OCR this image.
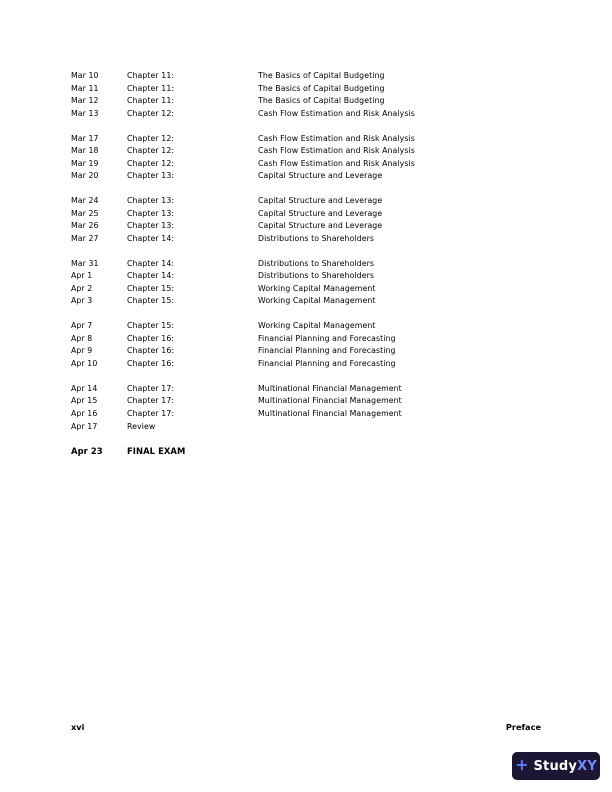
Mar 10	Chapter 11:	The Basics of Capital Budgeting
Mar 11	Chapter 11:	The Basics of Capital Budgeting
Mar 12	Chapter 11:	The Basics of Capital Budgeting
Mar 13	Chapter 12:	Cash Flow Estimation and Risk Analysis
Mar 17	Chapter 12:	Cash Flow Estimation and Risk Analysis
Mar 18	Chapter 12:	Cash Flow Estimation and Risk Analysis
Mar 19	Chapter 12:	Cash Flow Estimation and Risk Analysis
Mar 20	Chapter 13:	Capital Structure and Leverage
Mar 24	Chapter 13:	Capital Structure and Leverage
Mar 25	Chapter 13:	Capital Structure and Leverage
Mar 26	Chapter 13:	Capital Structure and Leverage
Mar 27	Chapter 14:	Distributions to Shareholders
Mar 31	Chapter 14:	Distributions to Shareholders
Apr 1	Chapter 14:	Distributions to Shareholders
Apr 2	Chapter 15:	Working Capital Management
Apr 3	Chapter 15:	Working Capital Management
Apr 7	Chapter 15:	Working Capital Management
Apr 8	Chapter 16:	Financial Planning and Forecasting
Apr 9	Chapter 16:	Financial Planning and Forecasting
Apr 10	Chapter 16:	Financial Planning and Forecasting
Apr 14	Chapter 17:	Multinational Financial Management
Apr 15	Chapter 17:	Multinational Financial Management
Apr 16	Chapter 17:	Multinational Financial Management
Apr 17	Review
Apr 23	FINAL EXAM
xvi	Preface
+ StudyXY
